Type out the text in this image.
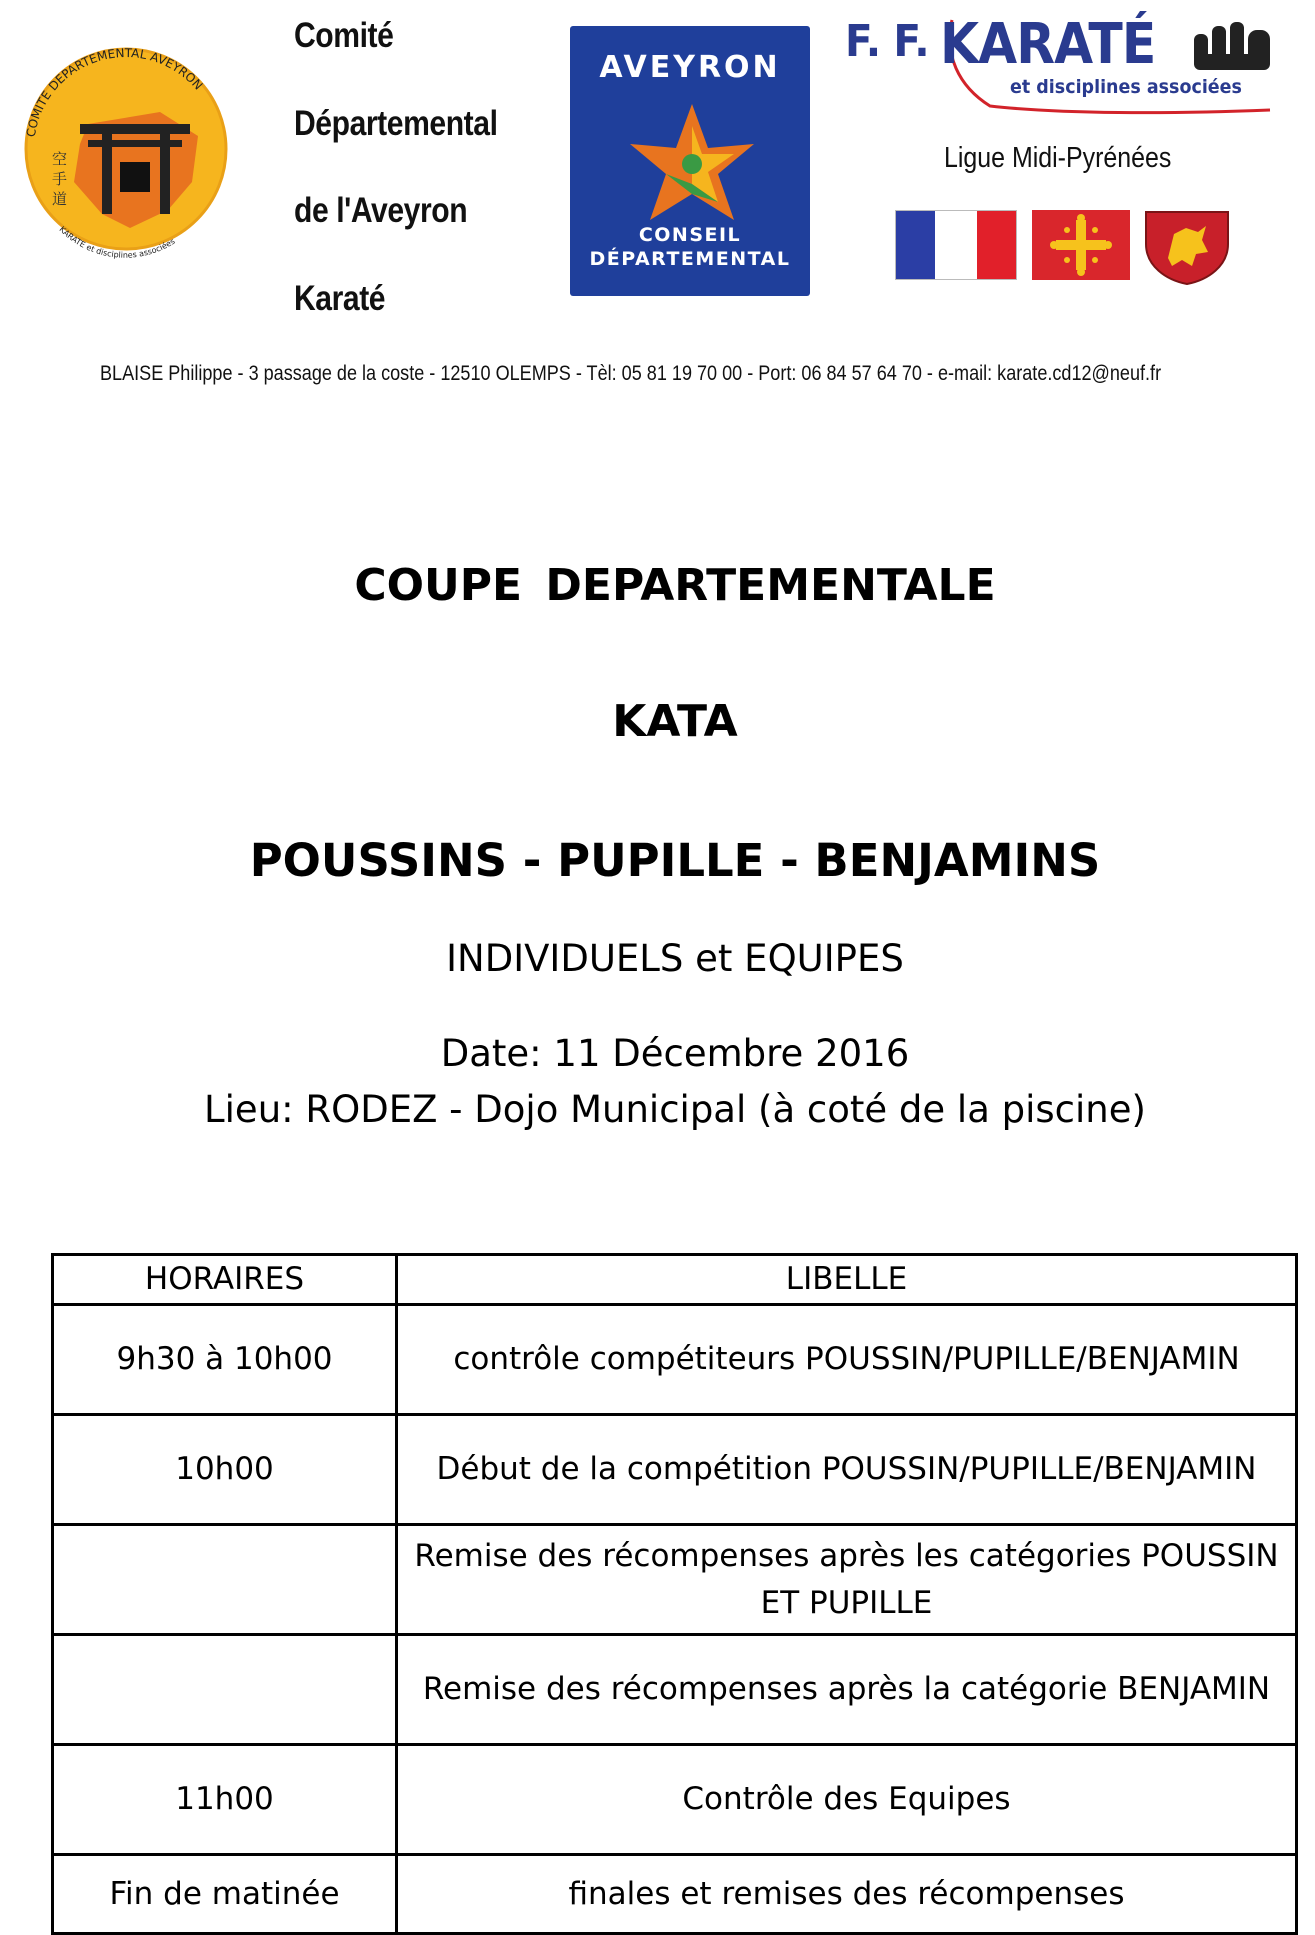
空
手
道
COMITE DEPARTEMENTAL AVEYRON
KARATE et disciplines associées
Comité
Départemental
de l'Aveyron
Karaté
AVEYRON
CONSEIL
DÉPARTEMENTAL
F. F. KARATÉ
et disciplines associées
Ligue Midi-Pyrénées
BLAISE Philippe - 3 passage de la coste - 12510 OLEMPS - Tèl: 05 81 19 70 00 - Port: 06 84 57 64 70 - e-mail: karate.cd12@neuf.fr
COUPE DEPARTEMENTALE
KATA
POUSSINS - PUPILLE - BENJAMINS
INDIVIDUELS et EQUIPES
Date: 11 Décembre 2016
Lieu: RODEZ - Dojo Municipal (à coté de la piscine)
HORAIRES	LIBELLE
9h30 à 10h00	contrôle compétiteurs POUSSIN/PUPILLE/BENJAMIN
10h00	Début de la compétition POUSSIN/PUPILLE/BENJAMIN
	Remise des récompenses après les catégories POUSSIN ET PUPILLE
	Remise des récompenses après la catégorie BENJAMIN
11h00	Contrôle des Equipes
Fin de matinée	finales et remises des récompenses
